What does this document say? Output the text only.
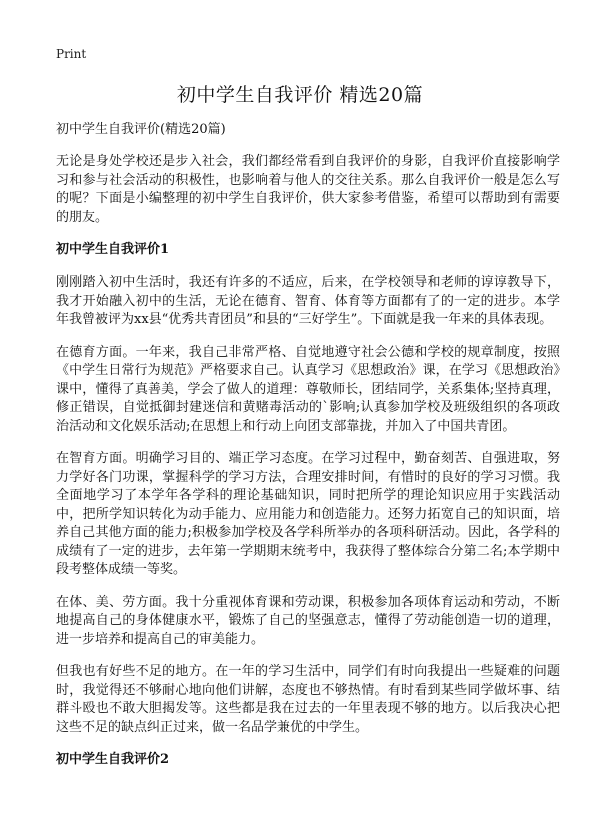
Print
初中学生自我评价 精选20篇
初中学生自我评价(精选20篇)

无论是身处学校还是步入社会，我们都经常看到自我评价的身影，自我评价直接影响学习和参与社会活动的积极性，也影响着与他人的交往关系。那么自我评价一般是怎么写的呢？下面是小编整理的初中学生自我评价，供大家参考借鉴，希望可以帮助到有需要的朋友。

初中学生自我评价1

刚刚踏入初中生活时，我还有许多的不适应，后来，在学校领导和老师的谆谆教导下，我才开始融入初中的生活，无论在德育、智育、体育等方面都有了的一定的进步。本学年我曾被评为xx县“优秀共青团员”和县的“三好学生”。下面就是我一年来的具体表现。

在德育方面。一年来，我自己非常严格、自觉地遵守社会公德和学校的规章制度，按照《中学生日常行为规范》严格要求自己。认真学习《思想政治》课，在学习《思想政治》课中，懂得了真善美，学会了做人的道理：尊敬师长，团结同学，关系集体;坚持真理，修正错误，自觉抵御封建迷信和黄赌毒活动的`影响;认真参加学校及班级组织的各项政治活动和文化娱乐活动;在思想上和行动上向团支部靠拢，并加入了中国共青团。

在智育方面。明确学习目的、端正学习态度。在学习过程中，勤奋刻苦、自强进取，努力学好各门功课，掌握科学的学习方法，合理安排时间，有惜时的良好的学习习惯。我全面地学习了本学年各学科的理论基础知识，同时把所学的理论知识应用于实践活动中，把所学知识转化为动手能力、应用能力和创造能力。还努力拓宽自己的知识面，培养自己其他方面的能力;积极参加学校及各学科所举办的各项科研活动。因此，各学科的成绩有了一定的进步，去年第一学期期末统考中，我获得了整体综合分第二名;本学期中段考整体成绩一等奖。

在体、美、劳方面。我十分重视体育课和劳动课，积极参加各项体育运动和劳动，不断地提高自己的身体健康水平，锻炼了自己的坚强意志，懂得了劳动能创造一切的道理，进一步培养和提高自己的审美能力。

但我也有好些不足的地方。在一年的学习生活中，同学们有时向我提出一些疑难的问题时，我觉得还不够耐心地向他们讲解，态度也不够热情。有时看到某些同学做坏事、结群斗殴也不敢大胆揭发等。这些都是我在过去的一年里表现不够的地方。以后我决心把这些不足的缺点纠正过来，做一名品学兼优的中学生。

初中学生自我评价2
